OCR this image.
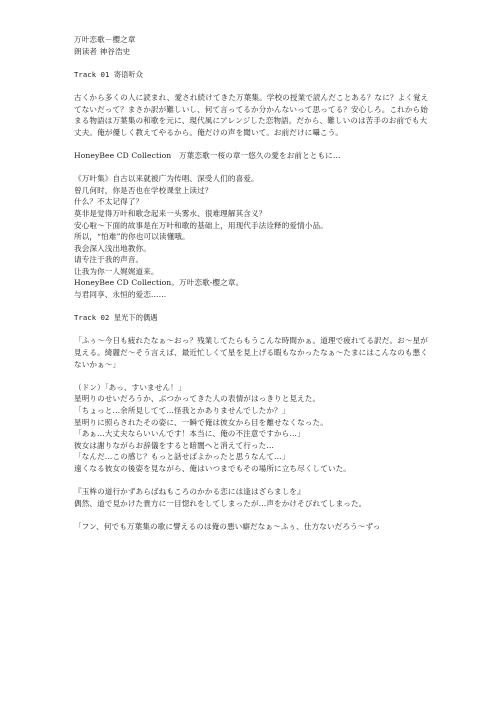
万叶恋歌－樱之章

朗读者 神谷浩史

Track 01 寄语听众

古くから多くの人に読まれ、愛され続けてきた万葉集。学校の授業で読んだことある？なに？よく覚えてないだって？まさか訳が難しいし、何て言ってるか分かんないって思ってる？安心しろ。これから始まる物語は万葉集の和歌を元に、現代風にアレンジした恋物語。だから、難しいのは苦手のお前でも大丈夫。俺が優しく教えてやるから。俺だけの声を聞いて。お前だけに囁こう。

HoneyBee CD Collection　万葉恋歌一桜の章一悠久の愛をお前とともに…

《万叶集》自古以来就被广为传唱、深受人们的喜爱。

曾几何时，你是否也在学校课堂上读过？

什么？不太记得了？

莫非是觉得万叶和歌念起来一头雾水、很难理解其含义？

安心啦～下面的故事是在万叶和歌的基础上，用现代手法诠释的爱情小品。

所以，“怕难”的你也可以读懂哦。

我会深入浅出地教你。

请专注于我的声音。

让我为你一人娓娓道来。

HoneyBee CD Collection。万叶恋歌-樱之章。

与君同享、永恒的爱恋……

Track 02 星光下的偶遇

「ふぅ～今日も疲れたなぁ～おっ？残業してたらもうこんな時間かぁ。道理で疲れてる訳だ。お～星が見える。綺麗だ～そう言えば、最近忙しくて星を見上げる暇もなかったなぁ～たまにはこんなのも悪くないかぁ～」

（ドン）「あっ、すいません！」

星明りのせいだろうか、ぶつかってきた人の表情がはっきりと見えた。

「ちょっと…余所見してて…怪我とかありませんでしたか？」

星明りに照らされたその姿に、一瞬で俺は彼女から目を離せなくなった。

「あぁ…大丈夫ならいいんです！本当に、俺の不注意ですから…」

彼女は謝りながらお辞儀をすると暗闇へと消えて行った…

「なんだ…この感じ？もっと話せばよかったと思うなんて…」

遠くなる彼女の後姿を見ながら、俺はいつまでもその場所に立ち尽くしていた。

『玉桙の道行かずあらばねもころのかかる恋には逢はざらましを』

偶然、道で見かけた貴方に一目惚れをしてしまったが…声をかけそびれてしまった。

「フン、何でも万葉集の歌に譬えるのは俺の悪い癖だなぁ～ふぅ、仕方ないだろう～ずっ
